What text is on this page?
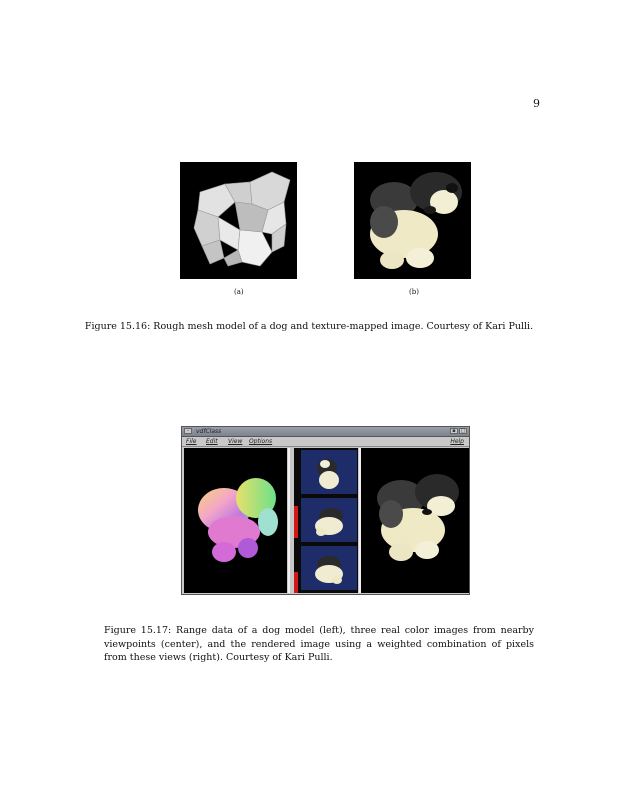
9
(a)	(b)
Figure 15.16: Rough mesh model of a dog and texture-mapped image. Courtesy of Kari Pulli.
–	vdfClass	▪ □
File Edit View Options	Help
Figure 15.17: Range data of a dog model (left), three real color images from nearby viewpoints (center), and the rendered image using a weighted combination of pixels from these views (right). Courtesy of Kari Pulli.
